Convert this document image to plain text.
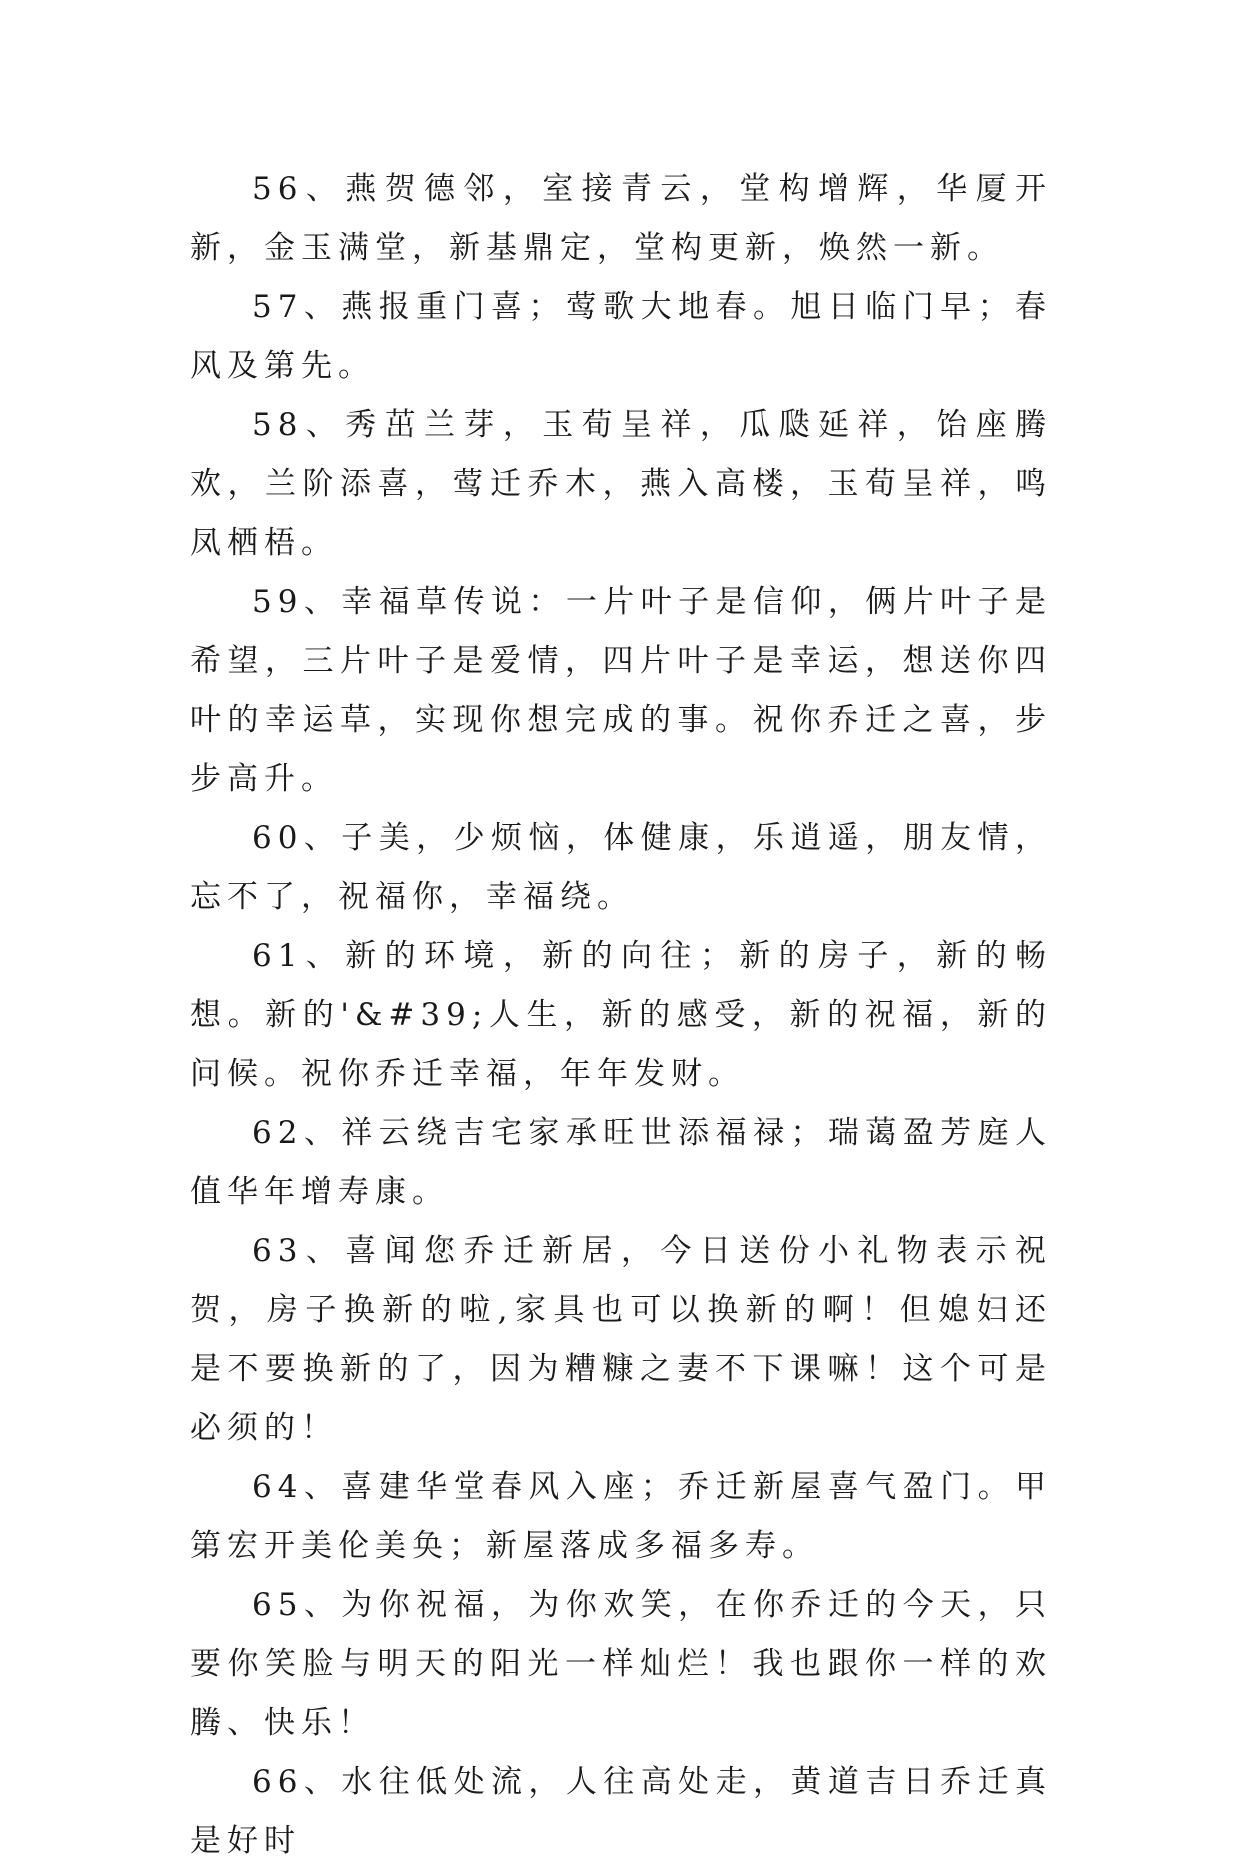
56、燕贺德邻，室接青云，堂构增辉，华厦开新，金玉满堂，新基鼎定，堂构更新，焕然一新。

57、燕报重门喜；莺歌大地春。旭日临门早；春风及第先。

58、秀茁兰芽，玉荀呈祥，瓜瓞延祥，饴座腾欢，兰阶添喜，莺迁乔木，燕入高楼，玉荀呈祥，鸣凤栖梧。

59、幸福草传说：一片叶子是信仰，俩片叶子是希望，三片叶子是爱情，四片叶子是幸运，想送你四叶的幸运草，实现你想完成的事。祝你乔迁之喜，步步高升。

60、子美，少烦恼，体健康，乐逍遥，朋友情，忘不了，祝福你，幸福绕。

61、新的环境，新的向往；新的房子，新的畅想。新的'&#39;人生，新的感受，新的祝福，新的问候。祝你乔迁幸福，年年发财。

62、祥云绕吉宅家承旺世添福禄；瑞蔼盈芳庭人值华年增寿康。

63、喜闻您乔迁新居，今日送份小礼物表示祝贺，房子换新的啦,家具也可以换新的啊！但媳妇还是不要换新的了，因为糟糠之妻不下课嘛！这个可是必须的！

64、喜建华堂春风入座；乔迁新屋喜气盈门。甲第宏开美伦美奂；新屋落成多福多寿。

65、为你祝福，为你欢笑，在你乔迁的今天，只要你笑脸与明天的阳光一样灿烂！我也跟你一样的欢腾、快乐！

66、水往低处流，人往高处走，黄道吉日乔迁真是好时
